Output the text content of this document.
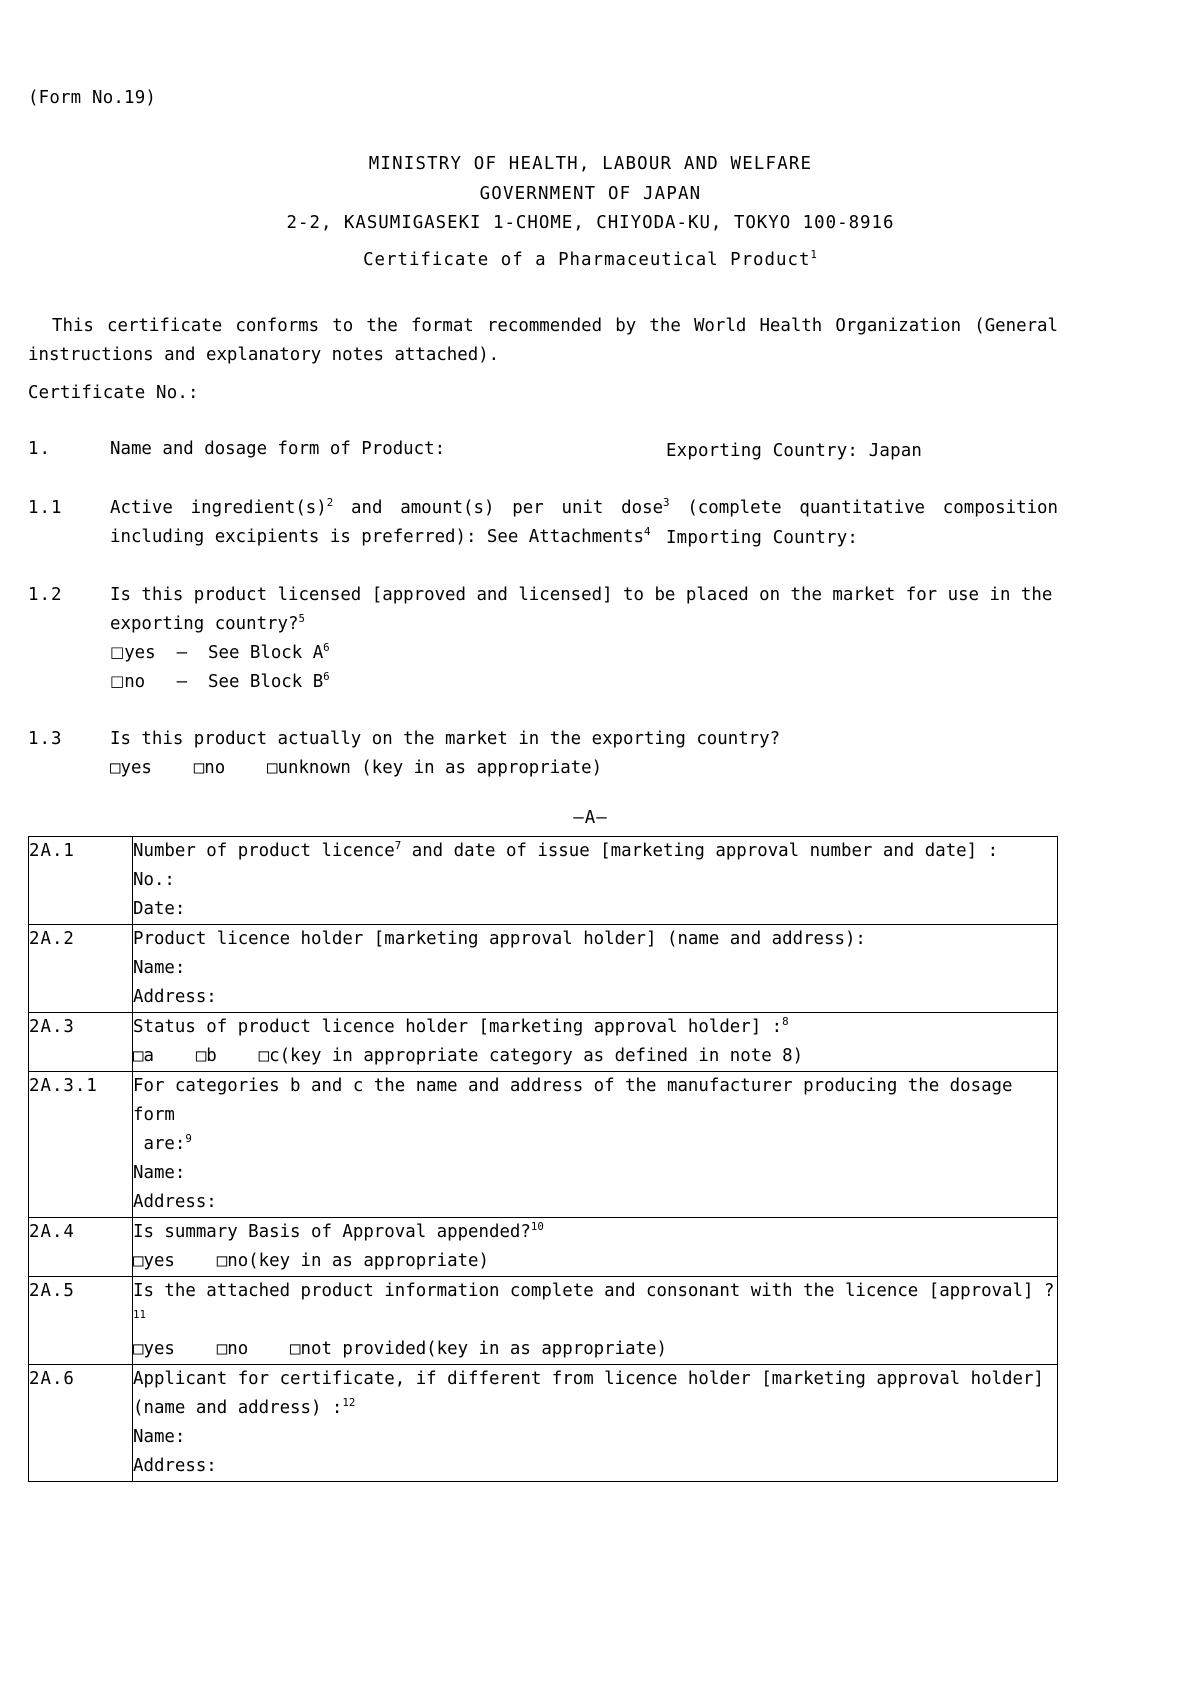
(Form No.19)
MINISTRY OF HEALTH, LABOUR AND WELFARE
GOVERNMENT OF JAPAN
2-2, KASUMIGASEKI 1-CHOME, CHIYODA-KU, TOKYO 100-8916
Certificate of a Pharmaceutical Product$^1$
This certificate conforms to the format recommended by the World Health Organization (General instructions and explanatory notes attached).
Certificate No.:

Exporting Country: Japan

Importing Country:

1.	Name and dosage form of Product:
1.1	Active $ingredient(s)^2$ and amount(s) per unit dose$^3$ (complete quantitative composition including excipients is preferred): See Attachments$^4$
1.2	Is this product licensed [approved and licensed] to be placed on the market for use in the exporting country?$^5$
□yes — See Block $A^6$
□no — See Block $B^6$
1.3	Is this product actually on the market in the exporting country?
□yes    □no    □unknown (key in as appropriate)
—A—
2A.1	Number of product licence$^7$ and date of issue [marketing approval number and date] :
No.:
Date:

2A.2	Product licence holder [marketing approval holder] (name and address):
Name:
Address:

2A.3	Status of product licence holder [marketing approval holder] :$^8$
□a    □b    □c(key in appropriate category as defined in note 8)

2A.3.1	For categories b and c the name and address of the manufacturer producing the dosage form
are:$^9$
Name:
Address:

2A.4	Is summary Basis of Approval appended?$^{10}$
□yes    □no(key in as appropriate)

2A.5	Is the attached product information complete and consonant with the licence [approval] ?$^{11}$
□yes    □no    □not provided(key in as appropriate)

2A.6	Applicant for certificate, if different from licence holder [marketing approval holder]
(name and address) :$^{12}$
Name:
Address:
